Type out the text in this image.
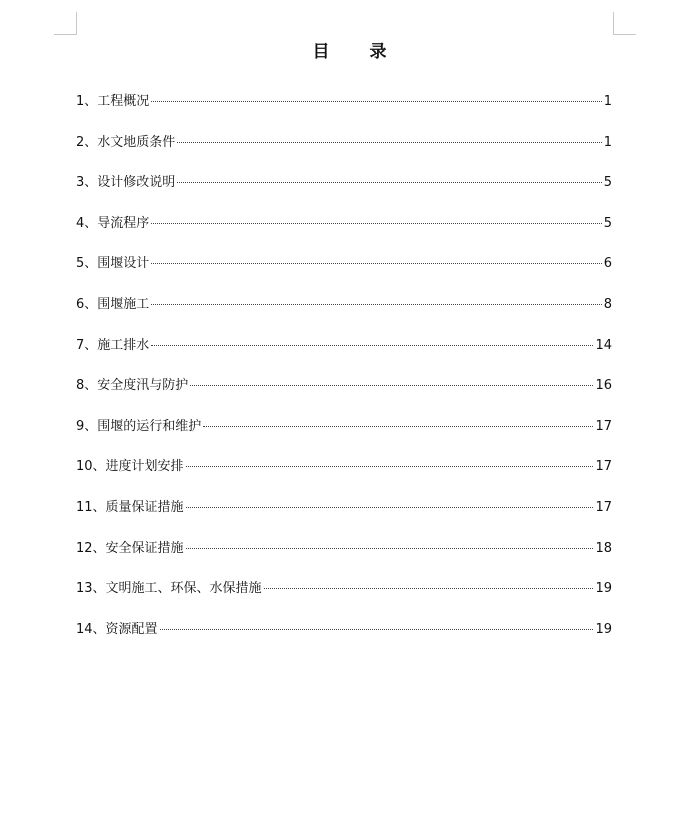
目 录
1、工程概况	1
2、水文地质条件	1
3、设计修改说明	5
4、导流程序	5
5、围堰设计	6
6、围堰施工	8
7、施工排水	14
8、安全度汛与防护	16
9、围堰的运行和维护	17
10、进度计划安排	17
11、质量保证措施	17
12、安全保证措施	18
13、文明施工、环保、水保措施	19
14、资源配置	19
